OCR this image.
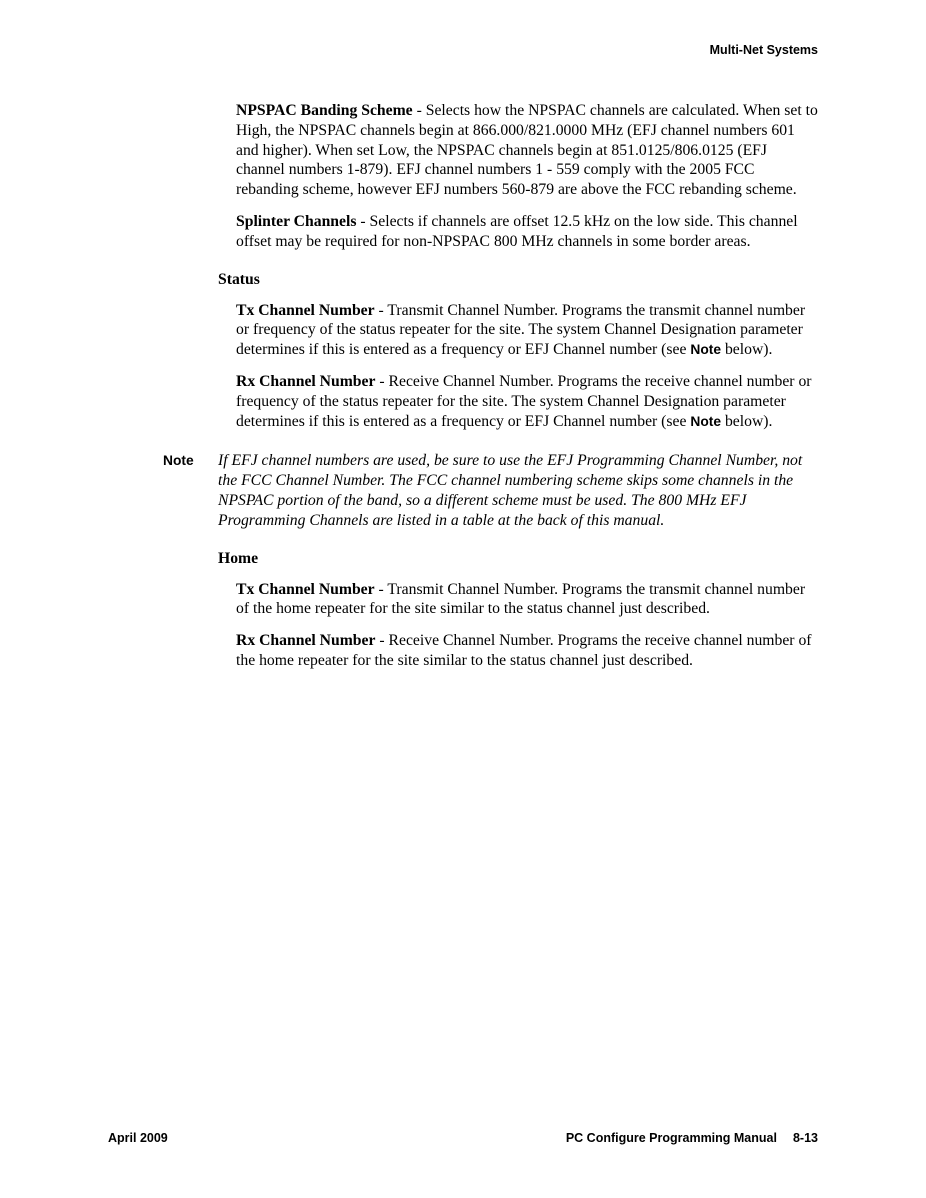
Multi-Net Systems

NPSPAC Banding Scheme - Selects how the NPSPAC channels are calculated. When set to High, the NPSPAC channels begin at 866.000/821.0000 MHz (EFJ channel numbers 601 and higher). When set Low, the NPSPAC channels begin at 851.0125/806.0125 (EFJ channel numbers 1-879). EFJ channel numbers 1 - 559 comply with the 2005 FCC rebanding scheme, however EFJ numbers 560-879 are above the FCC rebanding scheme.

Splinter Channels - Selects if channels are offset 12.5 kHz on the low side. This channel offset may be required for non-NPSPAC 800 MHz channels in some border areas.

Status

Tx Channel Number - Transmit Channel Number. Programs the transmit channel number or frequency of the status repeater for the site. The system Channel Designation parameter determines if this is entered as a frequency or EFJ Channel number (see Note below).

Rx Channel Number - Receive Channel Number. Programs the receive channel number or frequency of the status repeater for the site. The system Channel Designation parameter determines if this is entered as a frequency or EFJ Channel number (see Note below).

Note	If EFJ channel numbers are used, be sure to use the EFJ Programming Channel Number, not the FCC Channel Number. The FCC channel numbering scheme skips some channels in the NPSPAC portion of the band, so a different scheme must be used. The 800 MHz EFJ Programming Channels are listed in a table at the back of this manual.
Home

Tx Channel Number - Transmit Channel Number. Programs the transmit channel number of the home repeater for the site similar to the status channel just described.

Rx Channel Number - Receive Channel Number. Programs the receive channel number of the home repeater for the site similar to the status channel just described.

April 2009	PC Configure Programming Manual 8-13
